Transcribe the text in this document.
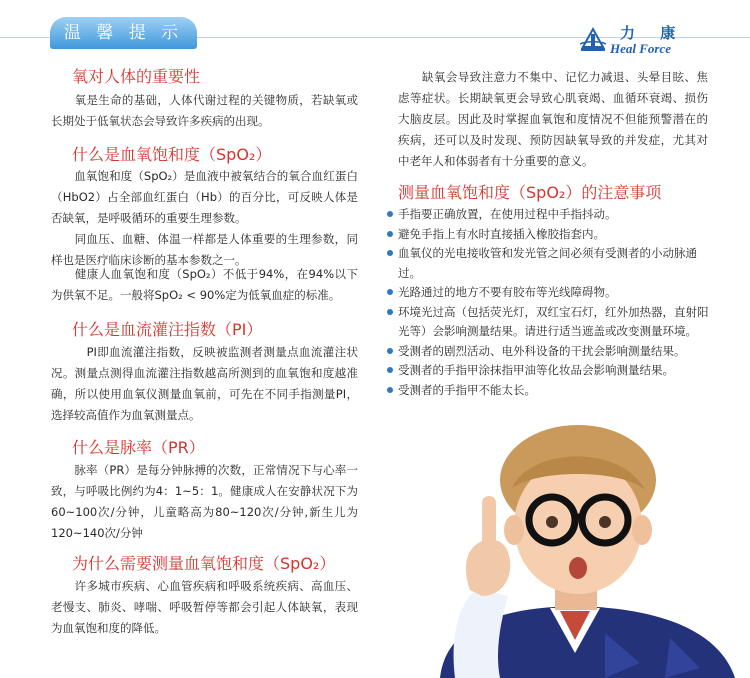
温 馨 提 示	力 康
Heal Force
氧对人体的重要性
　　氧是生命的基础，人体代谢过程的关键物质，若缺氧或长期处于低氧状态会导致许多疾病的出现。
什么是血氧饱和度（SpO₂）
　　血氧饱和度（SpO₂）是血液中被氧结合的氧合血红蛋白（HbO2）占全部血红蛋白（Hb）的百分比，可反映人体是否缺氧，是呼吸循环的重要生理参数。
　　同血压、血糖、体温一样都是人体重要的生理参数，同样也是医疗临床诊断的基本参数之一。
　　健康人血氧饱和度（SpO₂）不低于94%，在94%以下为供氧不足。一般将SpO₂ < 90%定为低氧血症的标准。
什么是血流灌注指数（PI）
　　　PI即血流灌注指数，反映被监测者测量点血流灌注状况。测量点测得血流灌注指数越高所测到的血氧饱和度越准确，所以使用血氧仪测量血氧前，可先在不同手指测量PI，选择较高值作为血氧测量点。
什么是脉率（PR）
　　脉率（PR）是每分钟脉搏的次数，正常情况下与心率一致，与呼吸比例约为4：1~5：1。健康成人在安静状况下为60~100次/分钟，儿童略高为80~120次/分钟,新生儿为120~140次/分钟
为什么需要测量血氧饱和度（SpO₂）
　　许多城市疾病、心血管疾病和呼吸系统疾病、高血压、老慢支、肺炎、哮喘、呼吸暂停等都会引起人体缺氧，表现为血氧饱和度的降低。
　　缺氧会导致注意力不集中、记忆力减退、头晕目眩、焦虑等症状。长期缺氧更会导致心肌衰竭、血循环衰竭、损伤大脑皮层。因此及时掌握血氧饱和度情况不但能预警潜在的疾病，还可以及时发现、预防因缺氧导致的并发症，尤其对中老年人和体弱者有十分重要的意义。
测量血氧饱和度（SpO₂）的注意事项
手指要正确放置，在使用过程中手指抖动。
避免手指上有水时直接插入橡胶指套内。
血氧仪的光电接收管和发光管之间必须有受测者的小动脉通过。
光路通过的地方不要有胶布等光线障碍物。
环境光过高（包括荧光灯，双红宝石灯，红外加热器，直射阳光等）会影响测量结果。请进行适当遮盖或改变测量环境。
受测者的剧烈活动、电外科设备的干扰会影响测量结果。
受测者的手指甲涂抹指甲油等化妆品会影响测量结果。
受测者的手指甲不能太长。
